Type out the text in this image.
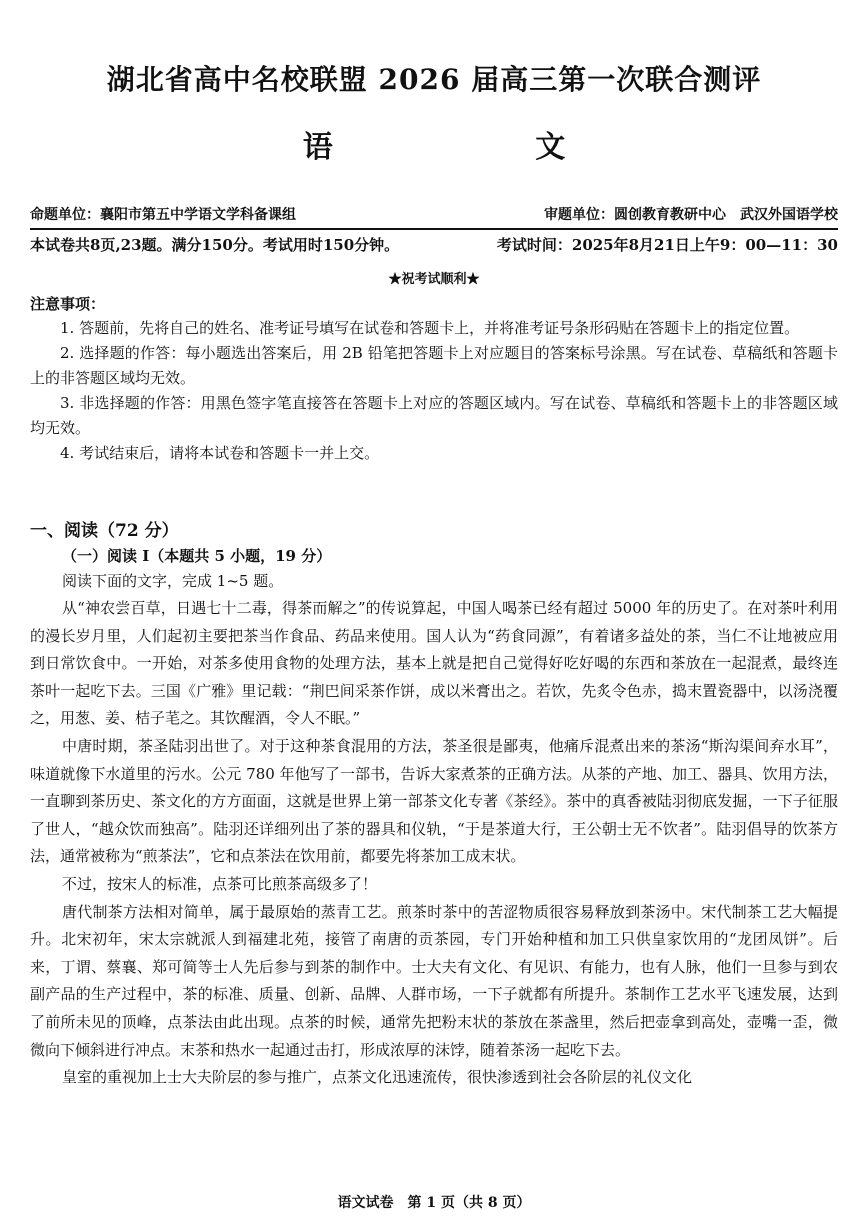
湖北省高中名校联盟 2026 届高三第一次联合测评
语 文
命题单位：襄阳市第五中学语文学科备课组	审题单位：圆创教育教研中心　武汉外国语学校
本试卷共8页,23题。满分150分。考试用时150分钟。	考试时间：2025年8月21日上午9：00—11：30
★祝考试顺利★
注意事项：

1. 答题前，先将自己的姓名、准考证号填写在试卷和答题卡上，并将准考证号条形码贴在答题卡上的指定位置。

2. 选择题的作答：每小题选出答案后，用 2B 铅笔把答题卡上对应题目的答案标号涂黑。写在试卷、草稿纸和答题卡上的非答题区域均无效。

3. 非选择题的作答：用黑色签字笔直接答在答题卡上对应的答题区域内。写在试卷、草稿纸和答题卡上的非答题区域均无效。

4. 考试结束后，请将本试卷和答题卡一并上交。

一、阅读（72 分）
（一）阅读 I（本题共 5 小题，19 分）
阅读下面的文字，完成 1~5 题。

从“神农尝百草，日遇七十二毒，得茶而解之”的传说算起，中国人喝茶已经有超过 5000 年的历史了。在对茶叶利用的漫长岁月里，人们起初主要把茶当作食品、药品来使用。国人认为“药食同源”，有着诸多益处的茶，当仁不让地被应用到日常饮食中。一开始，对茶多使用食物的处理方法，基本上就是把自己觉得好吃好喝的东西和茶放在一起混煮，最终连茶叶一起吃下去。三国《广雅》里记载：“荆巴间采茶作饼，成以米膏出之。若饮，先炙令色赤，捣末置瓷器中，以汤浇覆之，用葱、姜、桔子芼之。其饮醒酒，令人不眠。”

中唐时期，茶圣陆羽出世了。对于这种茶食混用的方法，茶圣很是鄙夷，他痛斥混煮出来的茶汤“斯沟渠间弃水耳”，味道就像下水道里的污水。公元 780 年他写了一部书，告诉大家煮茶的正确方法。从茶的产地、加工、器具、饮用方法，一直聊到茶历史、茶文化的方方面面，这就是世界上第一部茶文化专著《茶经》。茶中的真香被陆羽彻底发掘，一下子征服了世人，“越众饮而独高”。陆羽还详细列出了茶的器具和仪轨，“于是茶道大行，王公朝士无不饮者”。陆羽倡导的饮茶方法，通常被称为“煎茶法”，它和点茶法在饮用前，都要先将茶加工成末状。

不过，按宋人的标准，点茶可比煎茶高级多了！

唐代制茶方法相对简单，属于最原始的蒸青工艺。煎茶时茶中的苦涩物质很容易释放到茶汤中。宋代制茶工艺大幅提升。北宋初年，宋太宗就派人到福建北苑，接管了南唐的贡茶园，专门开始种植和加工只供皇家饮用的“龙团凤饼”。后来，丁谓、蔡襄、郑可简等士人先后参与到茶的制作中。士大夫有文化、有见识、有能力，也有人脉，他们一旦参与到农副产品的生产过程中，茶的标准、质量、创新、品牌、人群市场，一下子就都有所提升。茶制作工艺水平飞速发展，达到了前所未见的顶峰，点茶法由此出现。点茶的时候，通常先把粉末状的茶放在茶盏里，然后把壶拿到高处，壶嘴一歪，微微向下倾斜进行冲点。末茶和热水一起通过击打，形成浓厚的沫饽，随着茶汤一起吃下去。

皇室的重视加上士大夫阶层的参与推广，点茶文化迅速流传，很快渗透到社会各阶层的礼仪文化

语文试卷　第 1 页（共 8 页）
